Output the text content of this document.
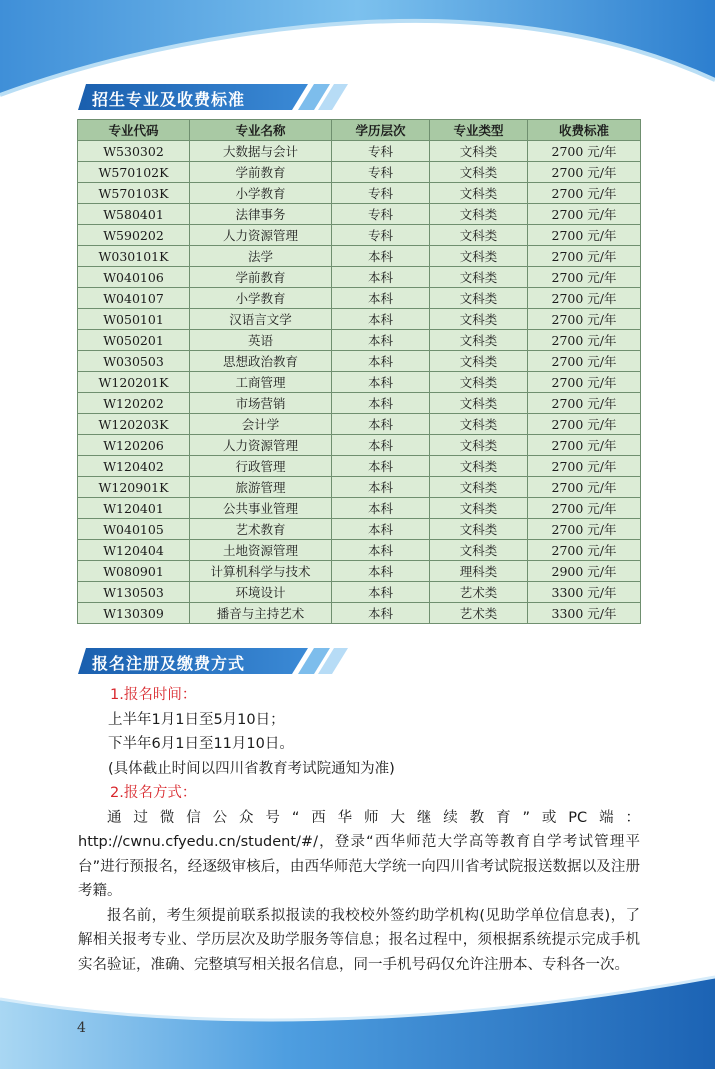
招生专业及收费标准
专业代码	专业名称	学历层次	专业类型	收费标准
W530302	大数据与会计	专科	文科类	2700 元/年
W570102K	学前教育	专科	文科类	2700 元/年
W570103K	小学教育	专科	文科类	2700 元/年
W580401	法律事务	专科	文科类	2700 元/年
W590202	人力资源管理	专科	文科类	2700 元/年
W030101K	法学	本科	文科类	2700 元/年
W040106	学前教育	本科	文科类	2700 元/年
W040107	小学教育	本科	文科类	2700 元/年
W050101	汉语言文学	本科	文科类	2700 元/年
W050201	英语	本科	文科类	2700 元/年
W030503	思想政治教育	本科	文科类	2700 元/年
W120201K	工商管理	本科	文科类	2700 元/年
W120202	市场营销	本科	文科类	2700 元/年
W120203K	会计学	本科	文科类	2700 元/年
W120206	人力资源管理	本科	文科类	2700 元/年
W120402	行政管理	本科	文科类	2700 元/年
W120901K	旅游管理	本科	文科类	2700 元/年
W120401	公共事业管理	本科	文科类	2700 元/年
W040105	艺术教育	本科	文科类	2700 元/年
W120404	土地资源管理	本科	文科类	2700 元/年
W080901	计算机科学与技术	本科	理科类	2900 元/年
W130503	环境设计	本科	艺术类	3300 元/年
W130309	播音与主持艺术	本科	艺术类	3300 元/年
报名注册及缴费方式

1.报名时间：

上半年1月1日至5月10日；

下半年6月1日至11月10日。

(具体截止时间以四川省教育考试院通知为准)

2.报名方式：

通过微信公众号“西华师大继续教育”或PC端：http://cwnu.cfyedu.cn/student/#/，登录“西华师范大学高等教育自学考试管理平台”进行预报名，经逐级审核后，由西华师范大学统一向四川省考试院报送数据以及注册考籍。

报名前，考生须提前联系拟报读的我校校外签约助学机构(见助学单位信息表)，了解相关报考专业、学历层次及助学服务等信息；报名过程中，须根据系统提示完成手机实名验证，准确、完整填写相关报名信息，同一手机号码仅允许注册本、专科各一次。

4
